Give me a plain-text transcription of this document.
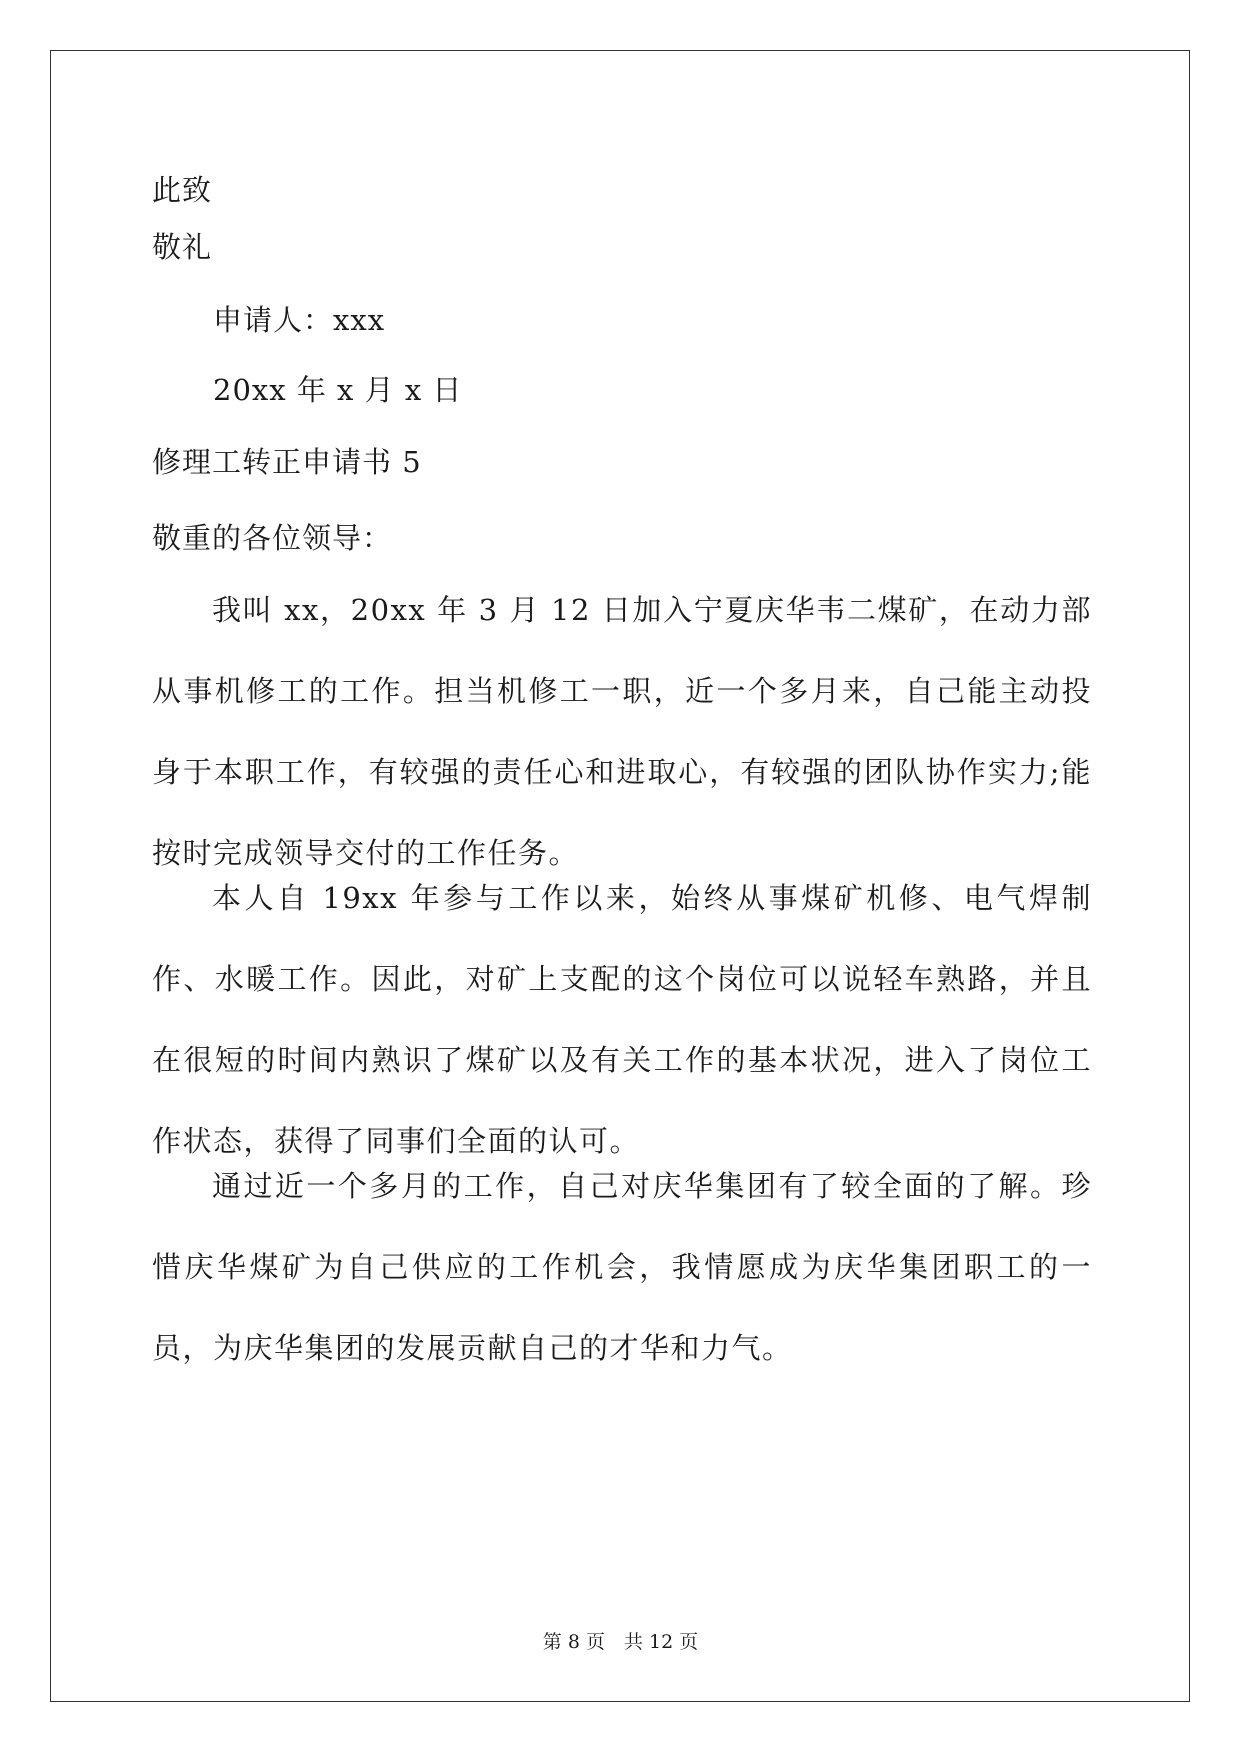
此致
敬礼
申请人：xxx
20xx 年 x 月 x 日
修理工转正申请书 5
敬重的各位领导：
我叫 xx，20xx 年 3 月 12 日加入宁夏庆华韦二煤矿，在动力部从事机修工的工作。担当机修工一职，近一个多月来，自己能主动投身于本职工作，有较强的责任心和进取心，有较强的团队协作实力;能按时完成领导交付的工作任务。
本人自 19xx 年参与工作以来，始终从事煤矿机修、电气焊制作、水暖工作。因此，对矿上支配的这个岗位可以说轻车熟路，并且在很短的时间内熟识了煤矿以及有关工作的基本状况，进入了岗位工作状态，获得了同事们全面的认可。
通过近一个多月的工作，自己对庆华集团有了较全面的了解。珍惜庆华煤矿为自己供应的工作机会，我情愿成为庆华集团职工的一员，为庆华集团的发展贡献自己的才华和力气。
第 8 页　共 12 页
